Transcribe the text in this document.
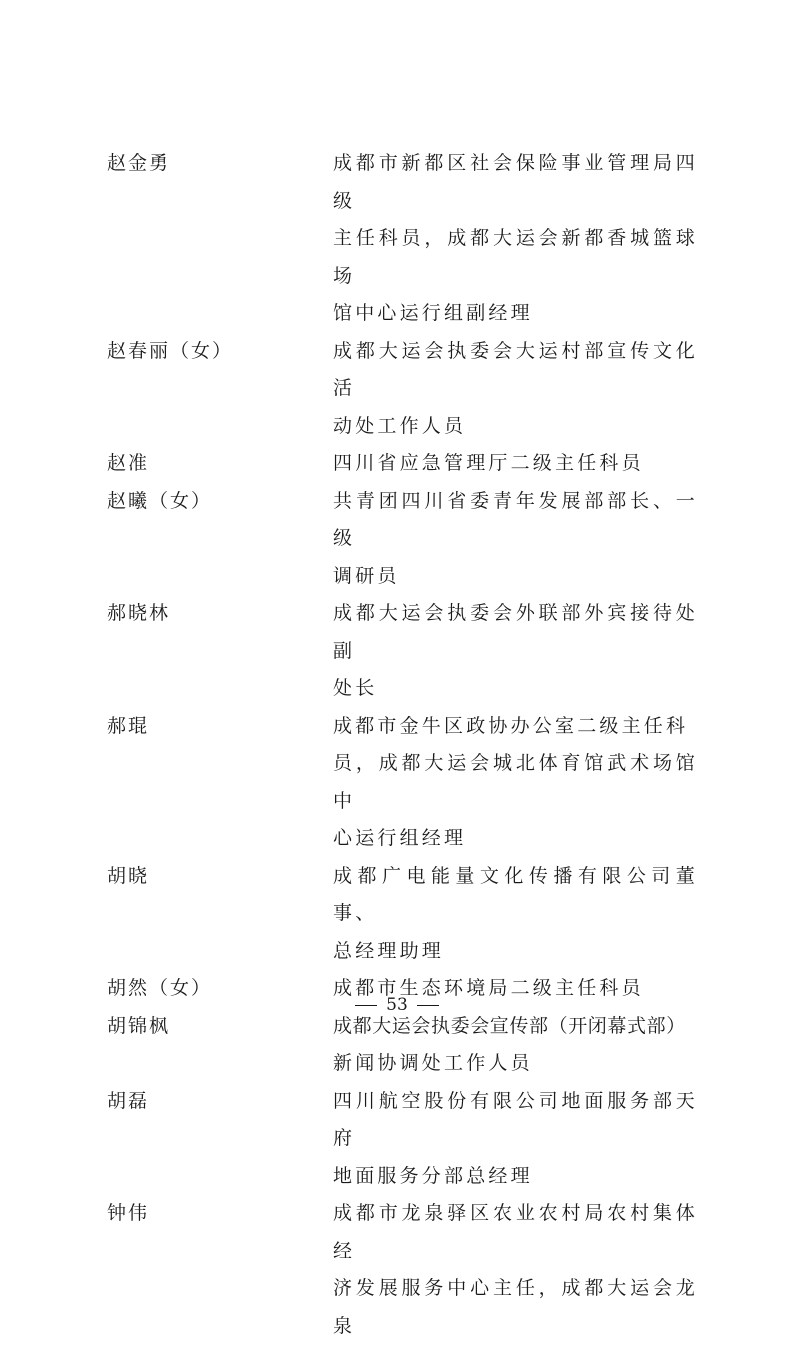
赵金勇	成都市新都区社会保险事业管理局四级
主任科员，成都大运会新都香城篮球场
馆中心运行组副经理
赵春丽（女）	成都大运会执委会大运村部宣传文化活
动处工作人员
赵准	四川省应急管理厅二级主任科员
赵曦（女）	共青团四川省委青年发展部部长、一级
调研员
郝晓林	成都大运会执委会外联部外宾接待处副
处长
郝琨	成都市金牛区政协办公室二级主任科
员，成都大运会城北体育馆武术场馆中
心运行组经理
胡晓	成都广电能量文化传播有限公司董事、
总经理助理
胡然（女）	成都市生态环境局二级主任科员
胡锦枫	成都大运会执委会宣传部（开闭幕式部）
新闻协调处工作人员
胡磊	四川航空股份有限公司地面服务部天府
地面服务分部总经理
钟伟	成都市龙泉驿区农业农村局农村集体经
济发展服务中心主任，成都大运会龙泉
53
